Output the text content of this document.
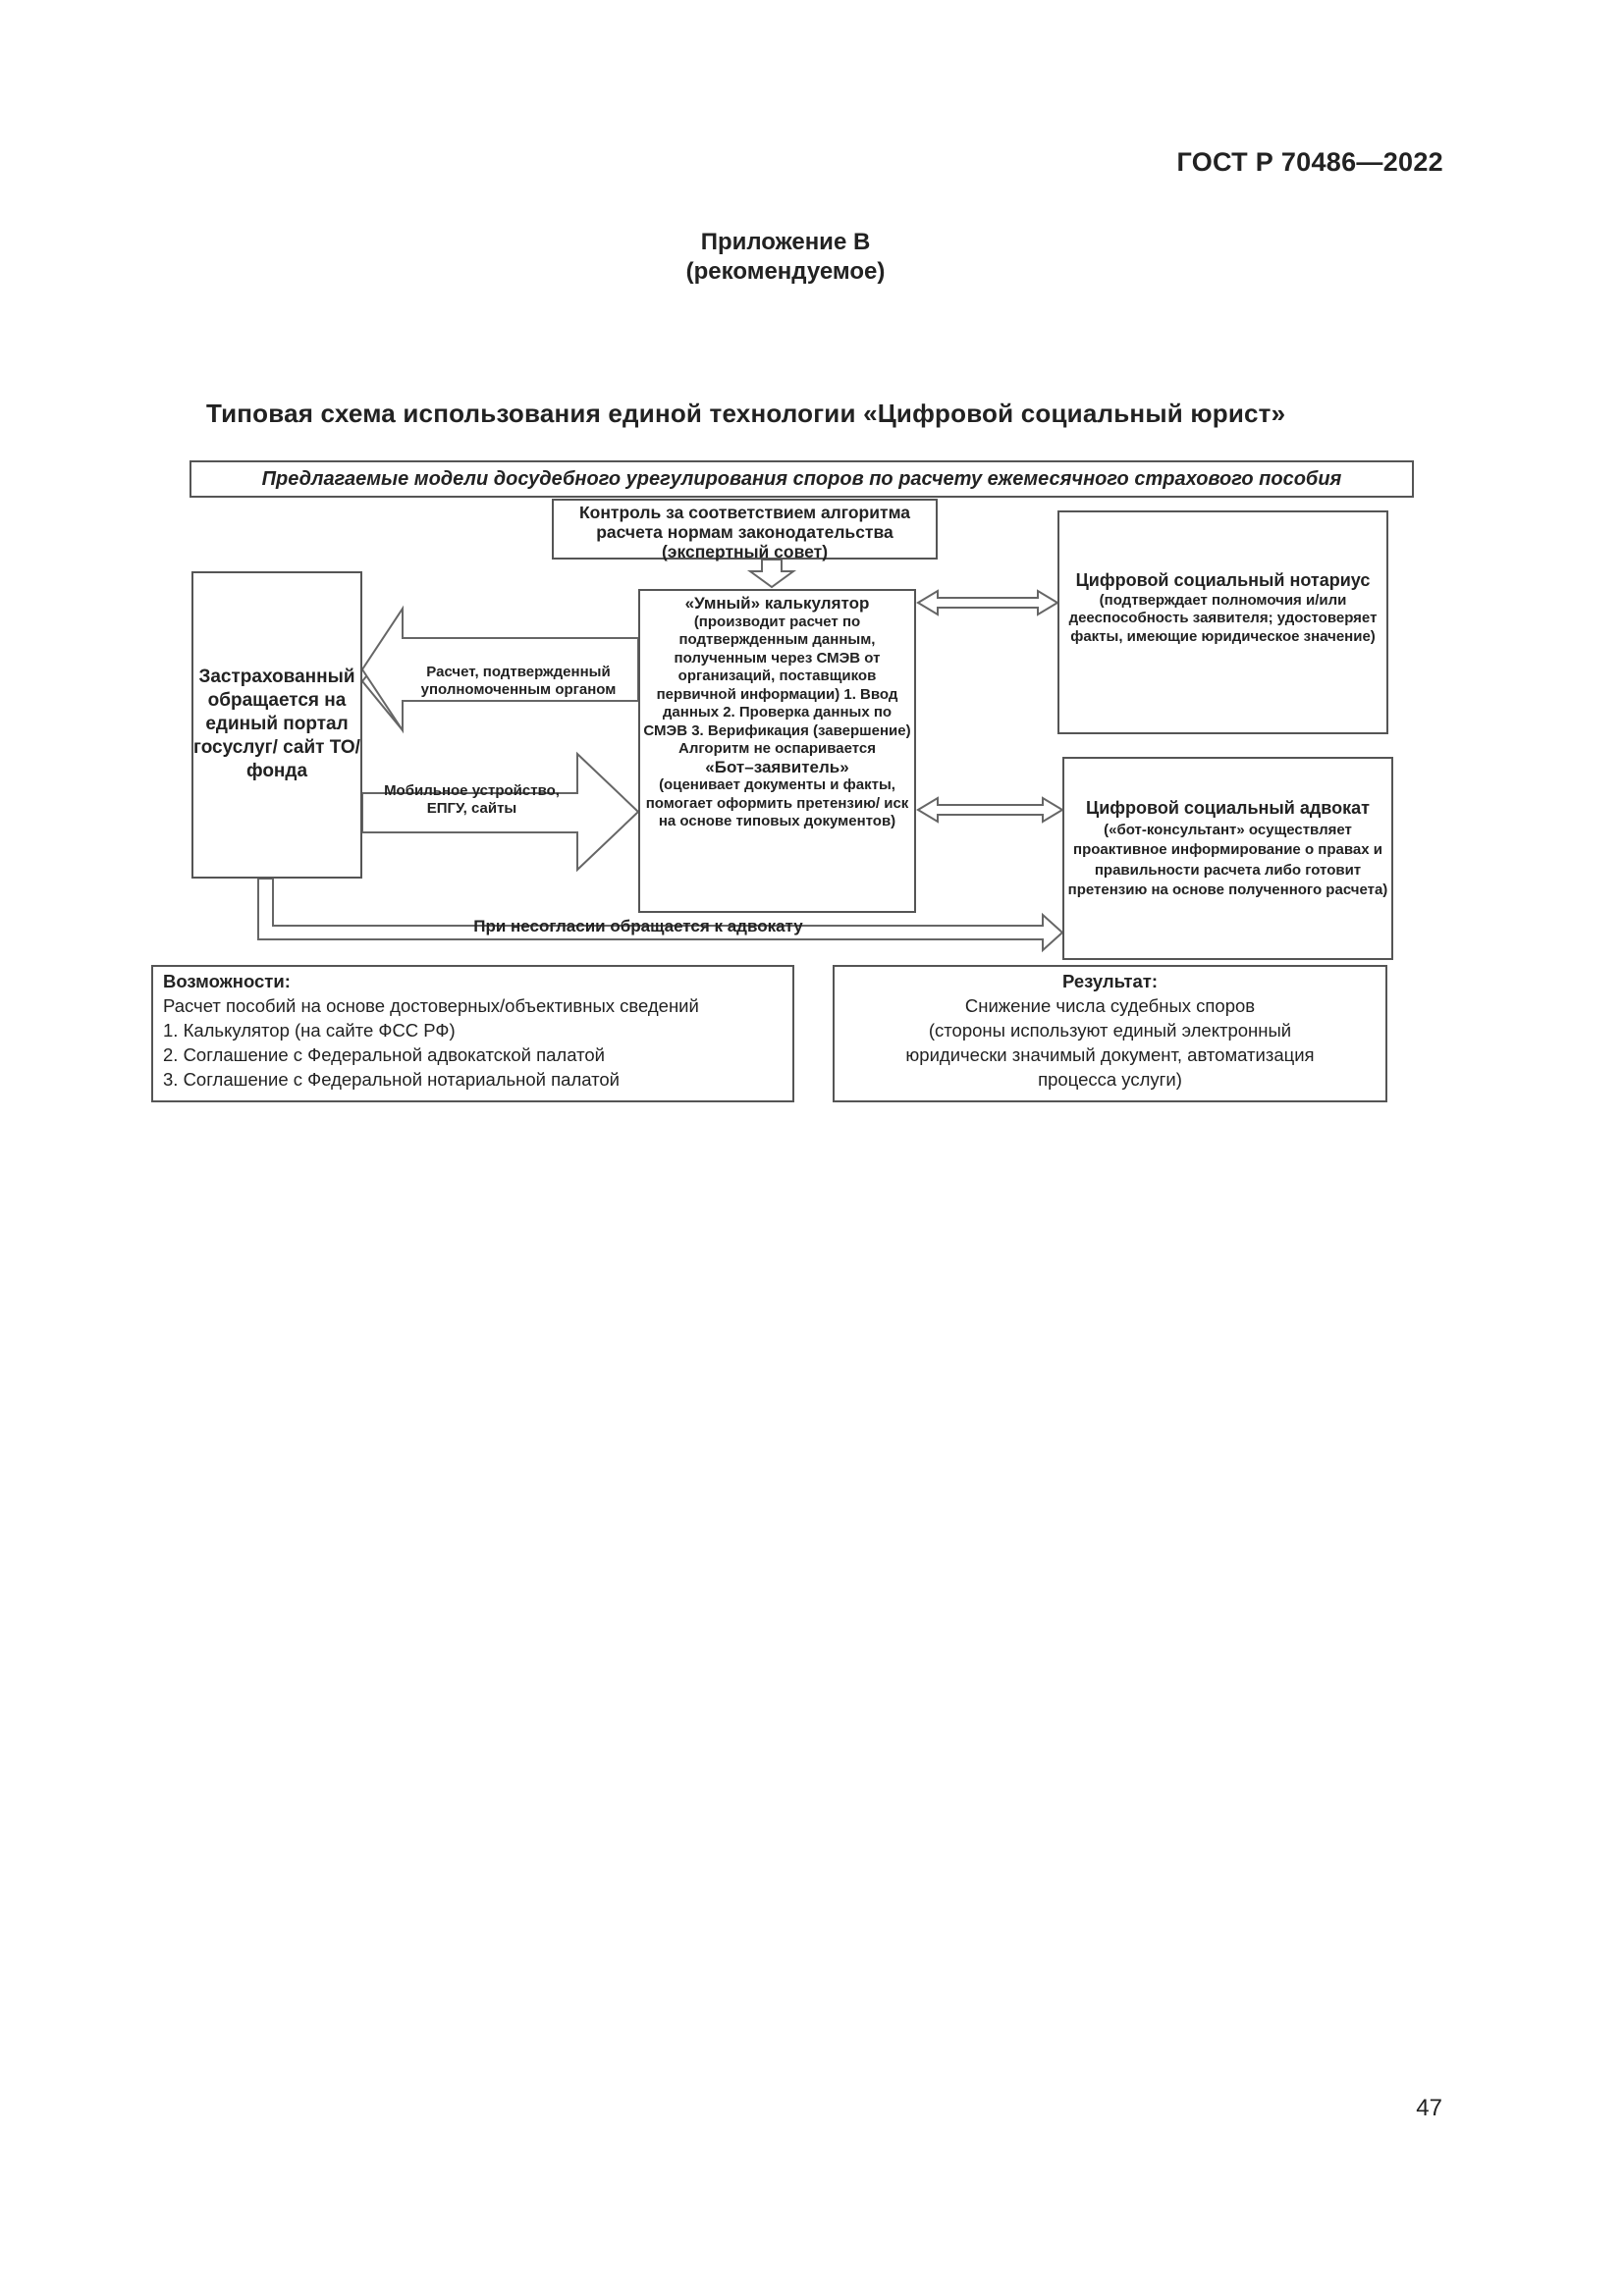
ГОСТ Р 70486—2022
Приложение В
(рекомендуемое)
Типовая схема использования единой технологии «Цифровой социальный юрист»
Предлагаемые модели досудебного урегулирования споров по расчету ежемесячного страхового пособия
Контроль за соответствием алгоритма расчета нормам законодательства (экспертный совет)
Застрахованный обращается на единый портал госуслуг/ сайт ТО/фонда
«Умный» калькулятор
(производит расчет по подтвержденным данным, полученным через СМЭВ от организаций, поставщиков первичной информации) 1. Ввод данных 2. Проверка данных по СМЭВ 3. Верификация (завершение) Алгоритм не оспаривается
«Бот–заявитель»
(оценивает документы и факты, помогает оформить претензию/ иск на основе типовых документов)
Цифровой социальный нотариус
(подтверждает полномочия и/или дееспособность заявителя; удостоверяет факты, имеющие юридическое значение)
Цифровой социальный адвокат
(«бот-консультант» осуществляет проактивное информирование о правах и правильности расчета либо готовит претензию на основе полученного расчета)
Расчет, подтвержденный уполномоченным органом
Мобильное устройство, ЕПГУ, сайты
При несогласии обращается к адвокату
Возможности:
Расчет пособий на основе достоверных/объективных сведений
1. Калькулятор (на сайте ФСС РФ)
2. Соглашение с Федеральной адвокатской палатой
3. Соглашение с Федеральной нотариальной палатой
Результат:
Снижение числа судебных споров
(стороны используют единый электронный
юридически значимый документ, автоматизация
процесса услуги)
47
